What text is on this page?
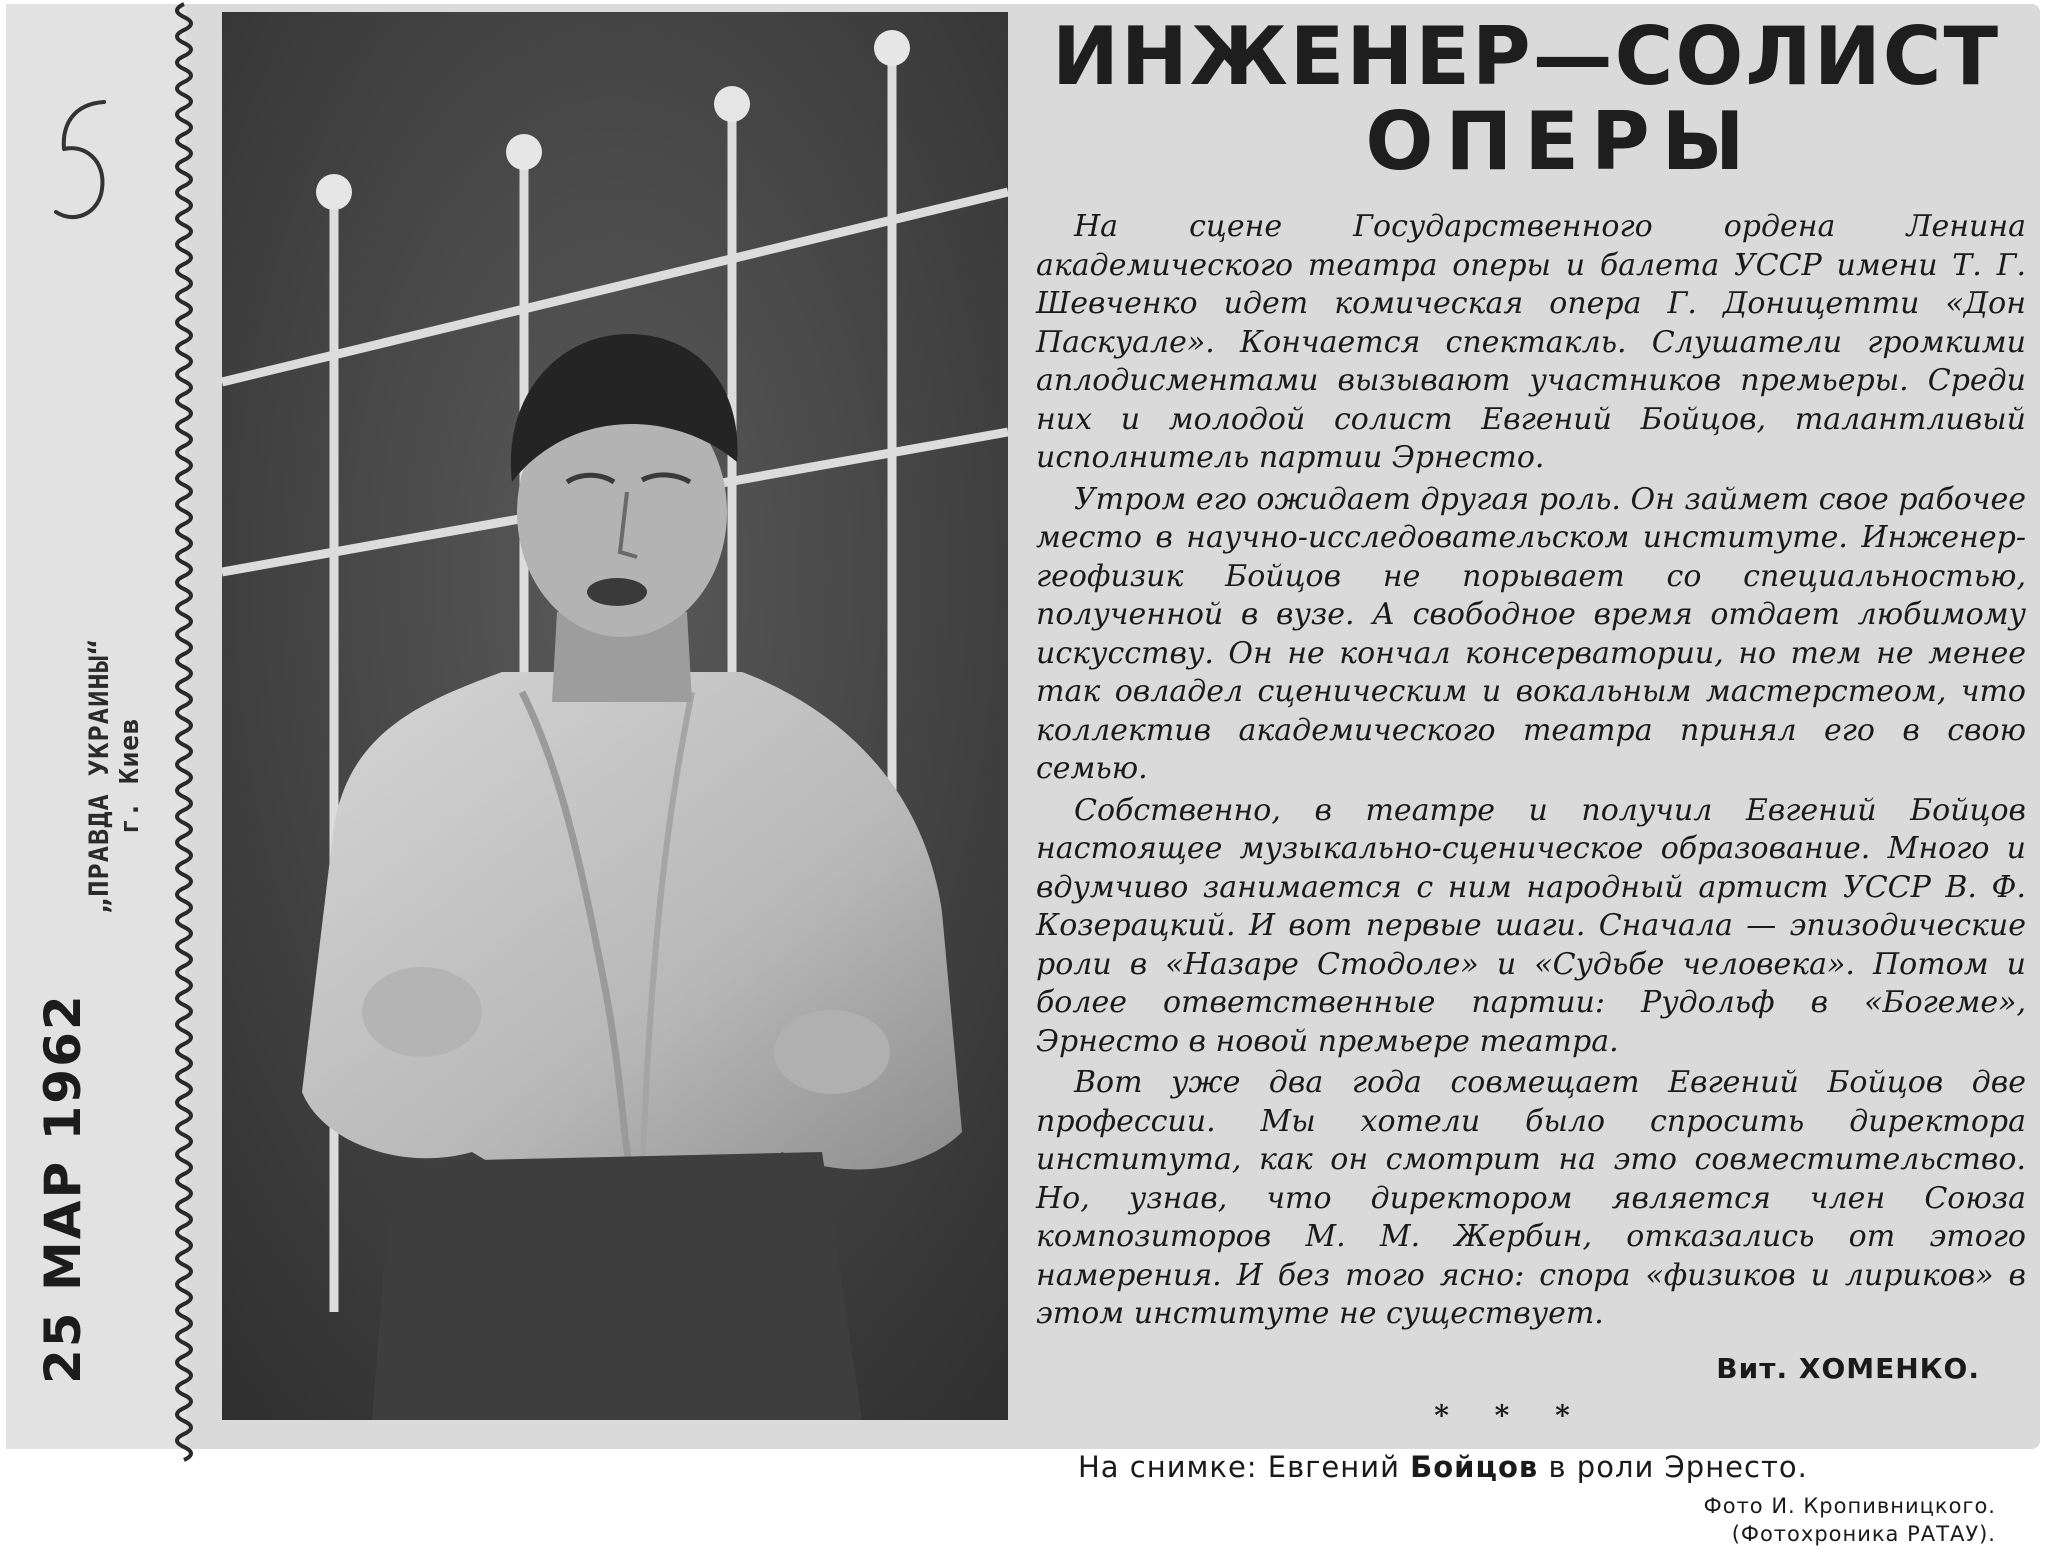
„ПРАВДА УКРАИНЫ“ г. Киев
25 МАР 1962
ИНЖЕНЕР—СОЛИСТ
ОПЕРЫ

На сцене Государственного ордена Ленина академического театра оперы и балета УССР имени Т. Г. Шевченко идет комическая опера Г. Доницетти «Дон Паскуале». Кончается спектакль. Слушатели громкими аплодисментами вызывают участников премьеры. Среди них и молодой солист Евгений Бойцов, талантливый исполнитель партии Эрнесто.

Утром его ожидает другая роль. Он займет свое рабочее место в научно-исследовательском институте. Инженер-геофизик Бойцов не порывает со специальностью, полученной в вузе. А свободное время отдает любимому искусству. Он не кончал консерватории, но тем не менее так овладел сценическим и вокальным мастерстеом, что коллектив академического театра принял его в свою семью.

Собственно, в театре и получил Евгений Бойцов настоящее музыкально-сценическое образование. Много и вдумчиво занимается с ним народный артист УССР В. Ф. Козерацкий. И вот первые шаги. Сначала — эпизодические роли в «Назаре Стодоле» и «Судьбе человека». Потом и более ответственные партии: Рудольф в «Богеме», Эрнесто в новой премьере театра.

Вот уже два года совмещает Евгений Бойцов две профессии. Мы хотели было спросить директора института, как он смотрит на это совместительство. Но, узнав, что директором является член Союза композиторов М. М. Жербин, отказались от этого намерения. И без того ясно: спора «физиков и лириков» в этом институте не существует.

Вит. ХОМЕНКО.
* * *
На снимке: Евгений Бойцов в роли Эрнесто.
Фото И. Кропивницкого.
(Фотохроника РАТАУ).
